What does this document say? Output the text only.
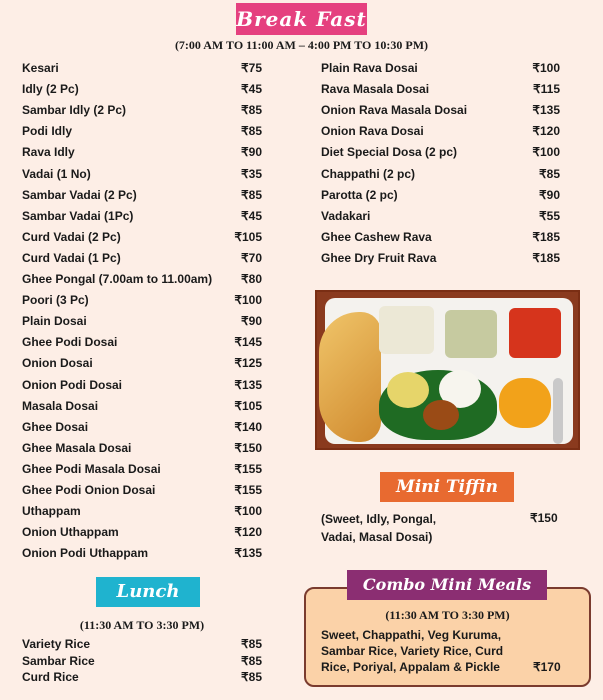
Break Fast
(7:00 AM TO 11:00 AM – 4:00 PM TO 10:30 PM)
Kesari	₹75
Idly (2 Pc)	₹45
Sambar Idly (2 Pc)	₹85
Podi Idly	₹85
Rava Idly	₹90
Vadai (1 No)	₹35
Sambar Vadai (2 Pc)	₹85
Sambar Vadai (1Pc)	₹45
Curd Vadai (2 Pc)	₹105
Curd Vadai (1 Pc)	₹70
Ghee Pongal (7.00am to 11.00am) ₹80
Poori (3 Pc)	₹100
Plain Dosai	₹90
Ghee Podi Dosai	₹145
Onion Dosai	₹125
Onion Podi Dosai	₹135
Masala Dosai	₹105
Ghee Dosai	₹140
Ghee Masala Dosai	₹150
Ghee Podi Masala Dosai	₹155
Ghee Podi Onion Dosai	₹155
Uthappam	₹100
Onion Uthappam	₹120
Onion Podi Uthappam	₹135
Plain Rava Dosai	₹100
Rava Masala Dosai	₹115
Onion Rava Masala Dosai	₹135
Onion Rava Dosai	₹120
Diet Special Dosa (2 pc)	₹100
Chappathi (2 pc)	₹85
Parotta (2 pc)	₹90
Vadakari	₹55
Ghee Cashew Rava	₹185
Ghee Dry Fruit Rava	₹185
Mini Tiffin
(Sweet, Idly, Pongal, Vadai, Masal Dosai)
₹150
Lunch
(11:30 AM TO 3:30 PM)
Variety Rice	₹85
Sambar Rice	₹85
Curd Rice	₹85
Combo Mini Meals
(11:30 AM TO 3:30 PM)
Sweet, Chappathi, Veg Kuruma, Sambar Rice, Variety Rice, Curd Rice, Poriyal, Appalam & Pickle	₹170
